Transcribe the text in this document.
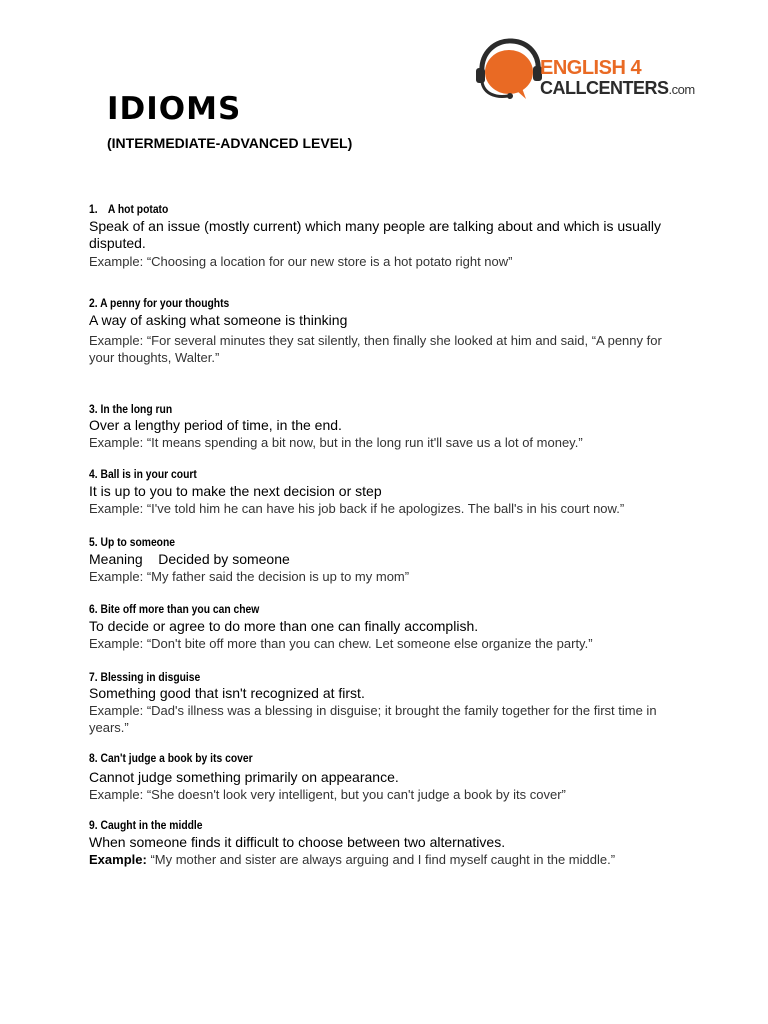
ENGLISH 4
CALLCENTERS.com
IDIOMS
(INTERMEDIATE-ADVANCED LEVEL)
1. A hot potato
Speak of an issue (mostly current) which many people are talking about and which is usually disputed.
Example: “Choosing a location for our new store is a hot potato right now”
2. A penny for your thoughts
A way of asking what someone is thinking
Example: “For several minutes they sat silently, then finally she looked at him and said, “A penny for your thoughts, Walter.”
3. In the long run
Over a lengthy period of time, in the end.
Example: “It means spending a bit now, but in the long run it'll save us a lot of money.”
4. Ball is in your court
It is up to you to make the next decision or step
Example: “I've told him he can have his job back if he apologizes. The ball's in his court now.”
5. Up to someone
Meaning    Decided by someone
Example: “My father said the decision is up to my mom”
6. Bite off more than you can chew
To decide or agree to do more than one can finally accomplish.
Example: “Don't bite off more than you can chew. Let someone else organize the party.”
7. Blessing in disguise
Something good that isn't recognized at first.
Example: “Dad's illness was a blessing in disguise; it brought the family together for the first time in years.”
8. Can't judge a book by its cover
Cannot judge something primarily on appearance.
Example: “She doesn't look very intelligent, but you can't judge a book by its cover”
9. Caught in the middle
When someone finds it difficult to choose between two alternatives.
Example: “My mother and sister are always arguing and I find myself caught in the middle.”
